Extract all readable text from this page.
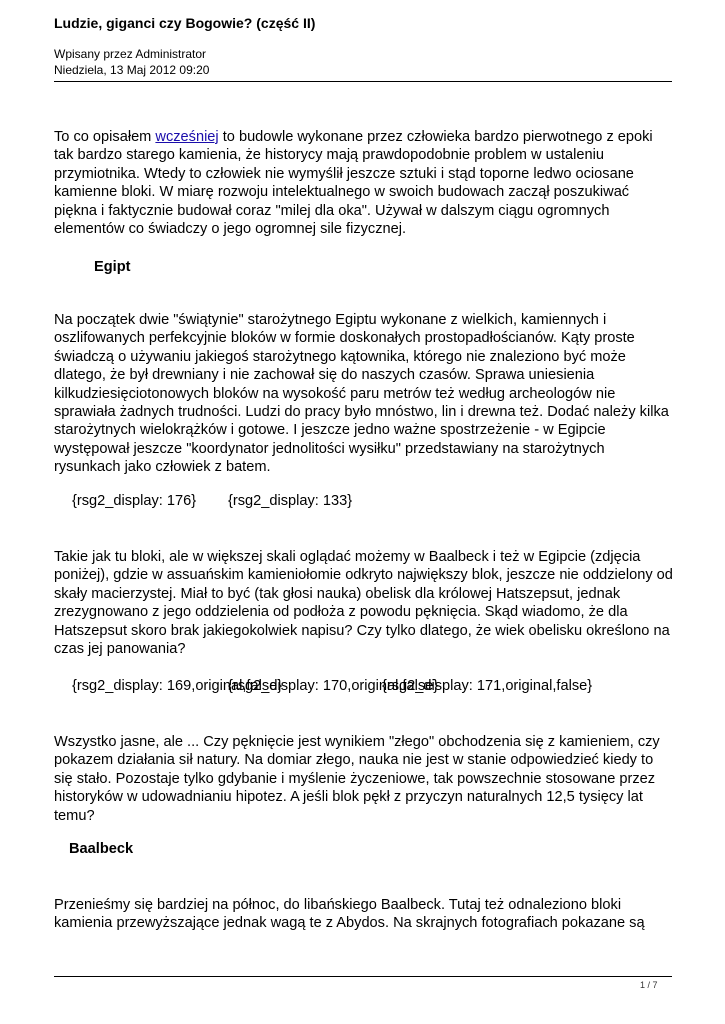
Ludzie, giganci czy Bogowie? (część II)
Wpisany przez Administrator
Niedziela, 13 Maj 2012 09:20
To co opisałem wcześniej to budowle wykonane przez człowieka bardzo pierwotnego z epoki
tak bardzo starego kamienia, że historycy mają prawdopodobnie problem w ustaleniu
przymiotnika. Wtedy to człowiek nie wymyślił jeszcze sztuki i stąd toporne ledwo ociosane
kamienne bloki. W miarę rozwoju intelektualnego w swoich budowach zaczął poszukiwać
piękna i faktycznie budował coraz "milej dla oka". Używał w dalszym ciągu ogromnych
elementów co świadczy o jego ogromnej sile fizycznej.
Egipt
Na początek dwie "świątynie" starożytnego Egiptu wykonane z wielkich, kamiennych i
oszlifowanych perfekcyjnie bloków w formie doskonałych prostopadłościanów. Kąty proste
świadczą o używaniu jakiegoś starożytnego kątownika, którego nie znaleziono być może
dlatego, że był drewniany i nie zachował się do naszych czasów. Sprawa uniesienia
kilkudziesięciotonowych bloków na wysokość paru metrów też według archeologów nie
sprawiała żadnych trudności. Ludzi do pracy było mnóstwo, lin i drewna też. Dodać należy kilka
starożytnych wielokrążków i gotowe. I jeszcze jedno ważne spostrzeżenie - w Egipcie
występował jeszcze "koordynator jednolitości wysiłku" przedstawiany na starożytnych
rysunkach jako człowiek z batem.
{rsg2_display: 176} {rsg2_display: 133}
Takie jak tu bloki, ale w większej skali oglądać możemy w Baalbeck i też w Egipcie (zdjęcia
poniżej), gdzie w assuańskim kamieniołomie odkryto największy blok, jeszcze nie oddzielony od
skały macierzystej. Miał to być (tak głosi nauka) obelisk dla królowej Hatszepsut, jednak
zrezygnowano z jego oddzielenia od podłoża z powodu pęknięcia. Skąd wiadomo, że dla
Hatszepsut skoro brak jakiegokolwiek napisu? Czy tylko dlatego, że wiek obelisku określono na
czas jej panowania?
{rsg2_display: 169,original,false}
{rsg2_display: 170,original,false}
{rsg2_display: 171,original,false}
Wszystko jasne, ale ... Czy pęknięcie jest wynikiem "złego" obchodzenia się z kamieniem, czy
pokazem działania sił natury. Na domiar złego, nauka nie jest w stanie odpowiedzieć kiedy to
się stało. Pozostaje tylko gdybanie i myślenie życzeniowe, tak powszechnie stosowane przez
historyków w udowadnianiu hipotez. A jeśli blok pękł z przyczyn naturalnych 12,5 tysięcy lat
temu?
Baalbeck
Przenieśmy się bardziej na północ, do libańskiego Baalbeck. Tutaj też odnaleziono bloki
kamienia przewyższające jednak wagą te z Abydos. Na skrajnych fotografiach pokazane są
1 / 7
